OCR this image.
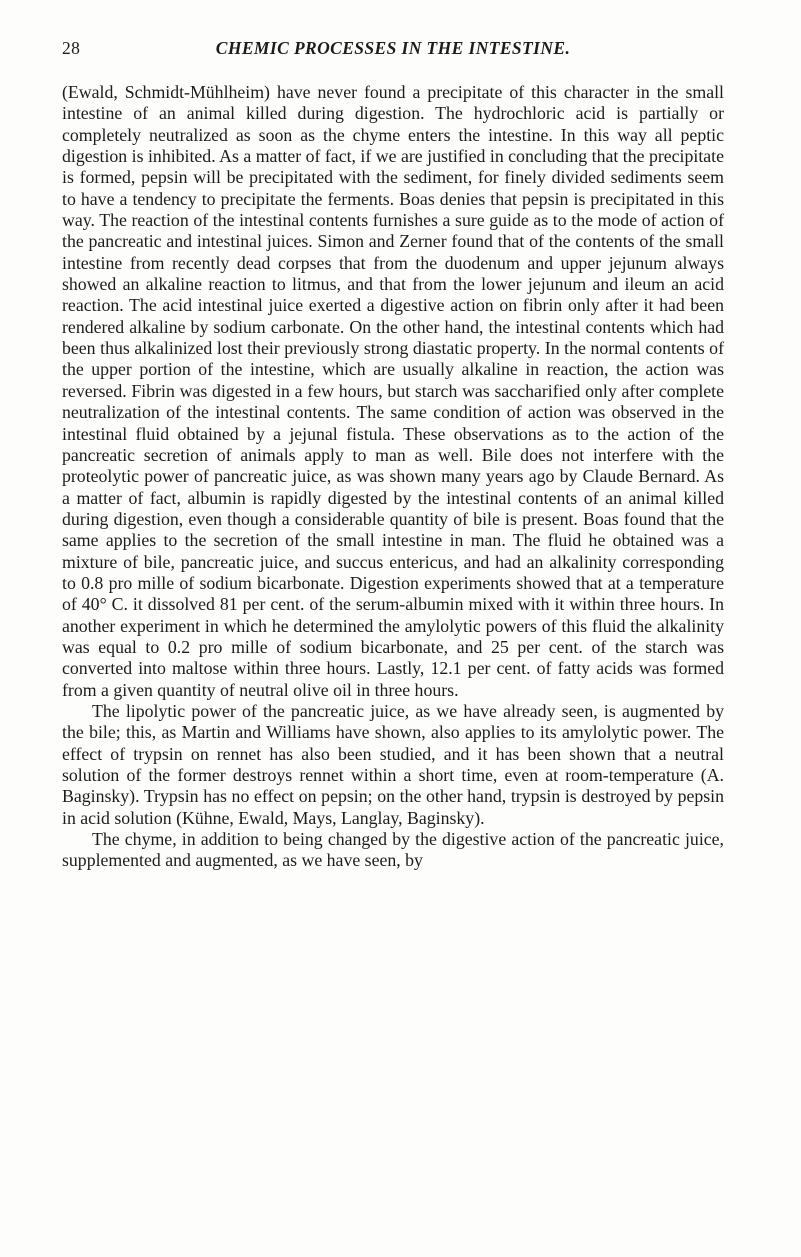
28	CHEMIC PROCESSES IN THE INTESTINE.

(Ewald, Schmidt-Mühlheim) have never found a precipitate of this character in the small intestine of an animal killed during digestion. The hydrochloric acid is partially or completely neutralized as soon as the chyme enters the intestine. In this way all peptic digestion is inhibited. As a matter of fact, if we are justified in concluding that the precipitate is formed, pepsin will be precipitated with the sediment, for finely divided sediments seem to have a tendency to precipitate the ferments. Boas denies that pepsin is precipitated in this way. The reaction of the intestinal contents furnishes a sure guide as to the mode of action of the pancreatic and intestinal juices. Simon and Zerner found that of the contents of the small intestine from recently dead corpses that from the duodenum and upper jejunum always showed an alkaline reaction to litmus, and that from the lower jejunum and ileum an acid reaction. The acid intestinal juice exerted a digestive action on fibrin only after it had been rendered alkaline by sodium carbonate. On the other hand, the intestinal contents which had been thus alkalinized lost their previously strong diastatic property. In the normal contents of the upper portion of the intestine, which are usually alkaline in reaction, the action was reversed. Fibrin was digested in a few hours, but starch was saccharified only after complete neutralization of the intestinal contents. The same condition of action was observed in the intestinal fluid obtained by a jejunal fistula. These observations as to the action of the pancreatic secretion of animals apply to man as well. Bile does not interfere with the proteolytic power of pancreatic juice, as was shown many years ago by Claude Bernard. As a matter of fact, albumin is rapidly digested by the intestinal contents of an animal killed during digestion, even though a considerable quantity of bile is present. Boas found that the same applies to the secretion of the small intestine in man. The fluid he obtained was a mixture of bile, pancreatic juice, and succus entericus, and had an alkalinity corresponding to 0.8 pro mille of sodium bicarbonate. Digestion experiments showed that at a temperature of 40° C. it dissolved 81 per cent. of the serum-albumin mixed with it within three hours. In another experiment in which he determined the amylolytic powers of this fluid the alkalinity was equal to 0.2 pro mille of sodium bicarbonate, and 25 per cent. of the starch was converted into maltose within three hours. Lastly, 12.1 per cent. of fatty acids was formed from a given quantity of neutral olive oil in three hours.

The lipolytic power of the pancreatic juice, as we have already seen, is augmented by the bile; this, as Martin and Williams have shown, also applies to its amylolytic power. The effect of trypsin on rennet has also been studied, and it has been shown that a neutral solution of the former destroys rennet within a short time, even at room-temperature (A. Baginsky). Trypsin has no effect on pepsin; on the other hand, trypsin is destroyed by pepsin in acid solution (Kühne, Ewald, Mays, Langlay, Baginsky).

The chyme, in addition to being changed by the digestive action of the pancreatic juice, supplemented and augmented, as we have seen, by
